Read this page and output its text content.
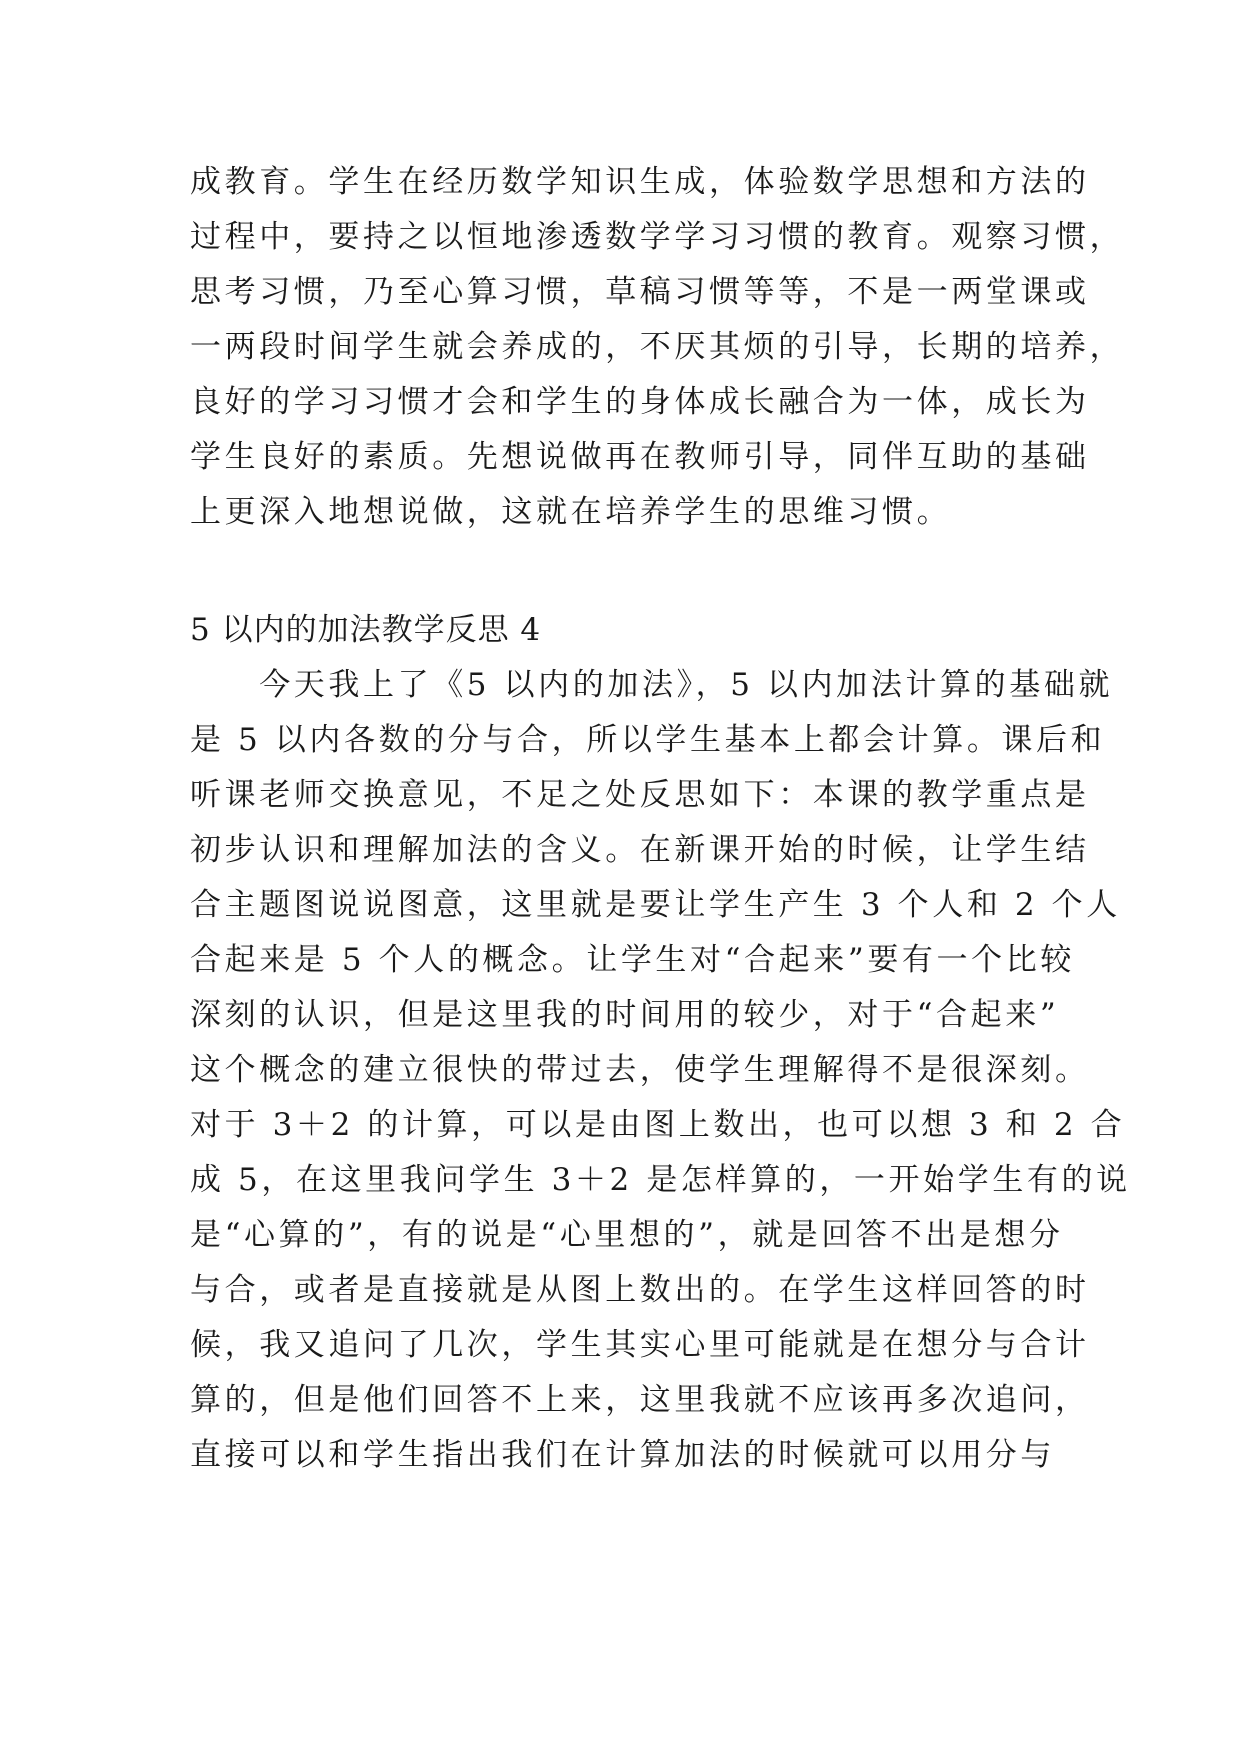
成教育。学生在经历数学知识生成，体验数学思想和方法的
过程中，要持之以恒地渗透数学学习习惯的教育。观察习惯，
思考习惯，乃至心算习惯，草稿习惯等等，不是一两堂课或
一两段时间学生就会养成的，不厌其烦的引导，长期的培养，
良好的学习习惯才会和学生的身体成长融合为一体，成长为
学生良好的素质。先想说做再在教师引导，同伴互助的基础
上更深入地想说做，这就在培养学生的思维习惯。
5 以内的加法教学反思 4
　　今天我上了《5 以内的加法》，5 以内加法计算的基础就
是 5 以内各数的分与合，所以学生基本上都会计算。课后和
听课老师交换意见，不足之处反思如下：本课的教学重点是
初步认识和理解加法的含义。在新课开始的时候，让学生结
合主题图说说图意，这里就是要让学生产生 3 个人和 2 个人
合起来是 5 个人的概念。让学生对“合起来”要有一个比较
深刻的认识，但是这里我的时间用的较少，对于“合起来”
这个概念的建立很快的带过去，使学生理解得不是很深刻。
对于 3＋2 的计算，可以是由图上数出，也可以想 3 和 2 合
成 5，在这里我问学生 3＋2 是怎样算的，一开始学生有的说
是“心算的”，有的说是“心里想的”，就是回答不出是想分
与合，或者是直接就是从图上数出的。在学生这样回答的时
候，我又追问了几次，学生其实心里可能就是在想分与合计
算的，但是他们回答不上来，这里我就不应该再多次追问，
直接可以和学生指出我们在计算加法的时候就可以用分与
